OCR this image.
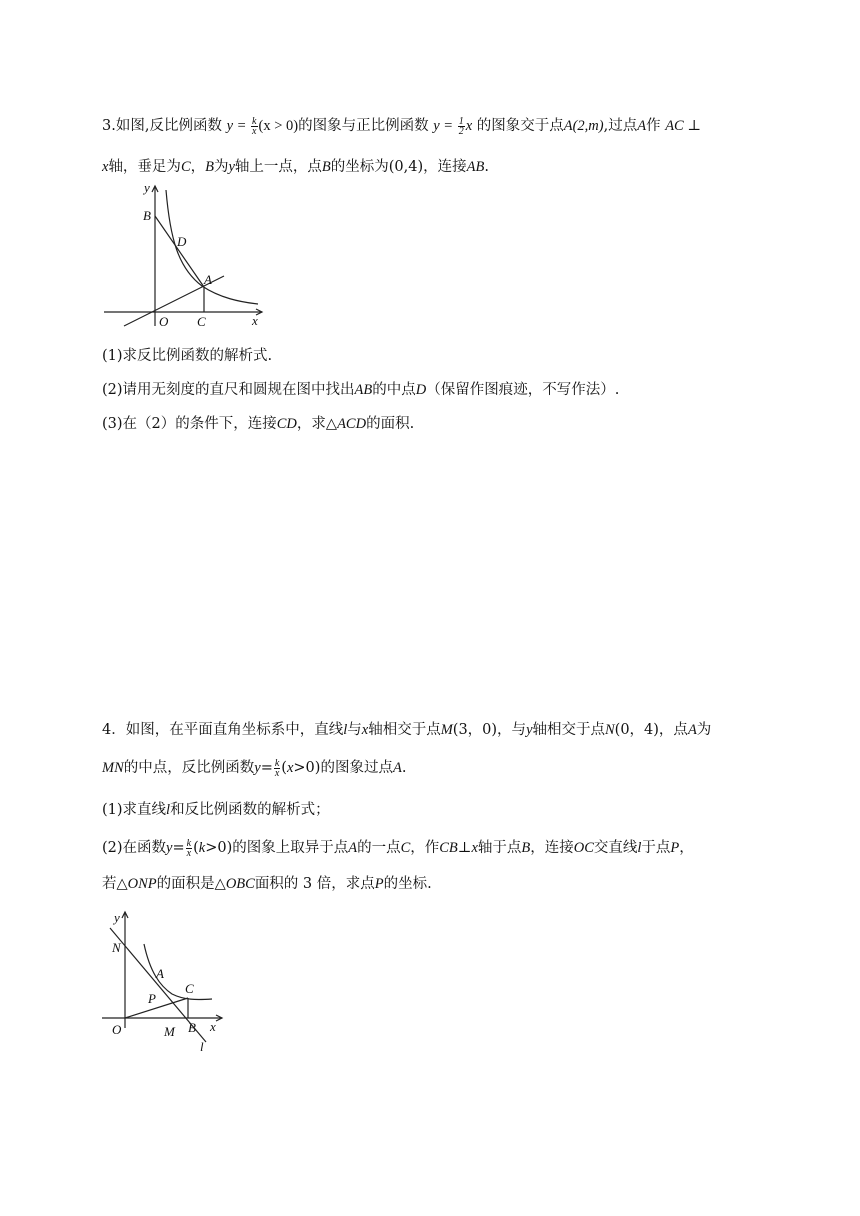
3.如图,反比例函数 $y = \frac{k}{x} (x > 0)$的图象与正比例函数 $y = \frac{1}{2}$ x 的图象交于点A(2,m),过点A作 AC ⊥
x轴，垂足为C，B为y轴上一点，点B的坐标为(0,4)，连接AB.
y
B
D
A
O C	x
(1)求反比例函数的解析式.
(2)请用无刻度的直尺和圆规在图中找出AB的中点D（保留作图痕迹，不写作法）.
(3)在（2）的条件下，连接CD，求△ACD的面积.
4．如图，在平面直角坐标系中，直线l与x轴相交于点M(3，0)，与y轴相交于点N(0，4)，点A为
MN的中点，反比例函数$y= \frac{k}{x} (x>0)$的图象过点A.
(1)求直线l和反比例函数的解析式；
(2)在函数$y= \frac{k}{x} (k>0)$的图象上取异于点A的一点C，作CB⊥x轴于点B，连接OC交直线l于点P，
若△ONP的面积是△OBC面积的 3 倍，求点P的坐标.
y
N
A
C
P
O	M B x
l
